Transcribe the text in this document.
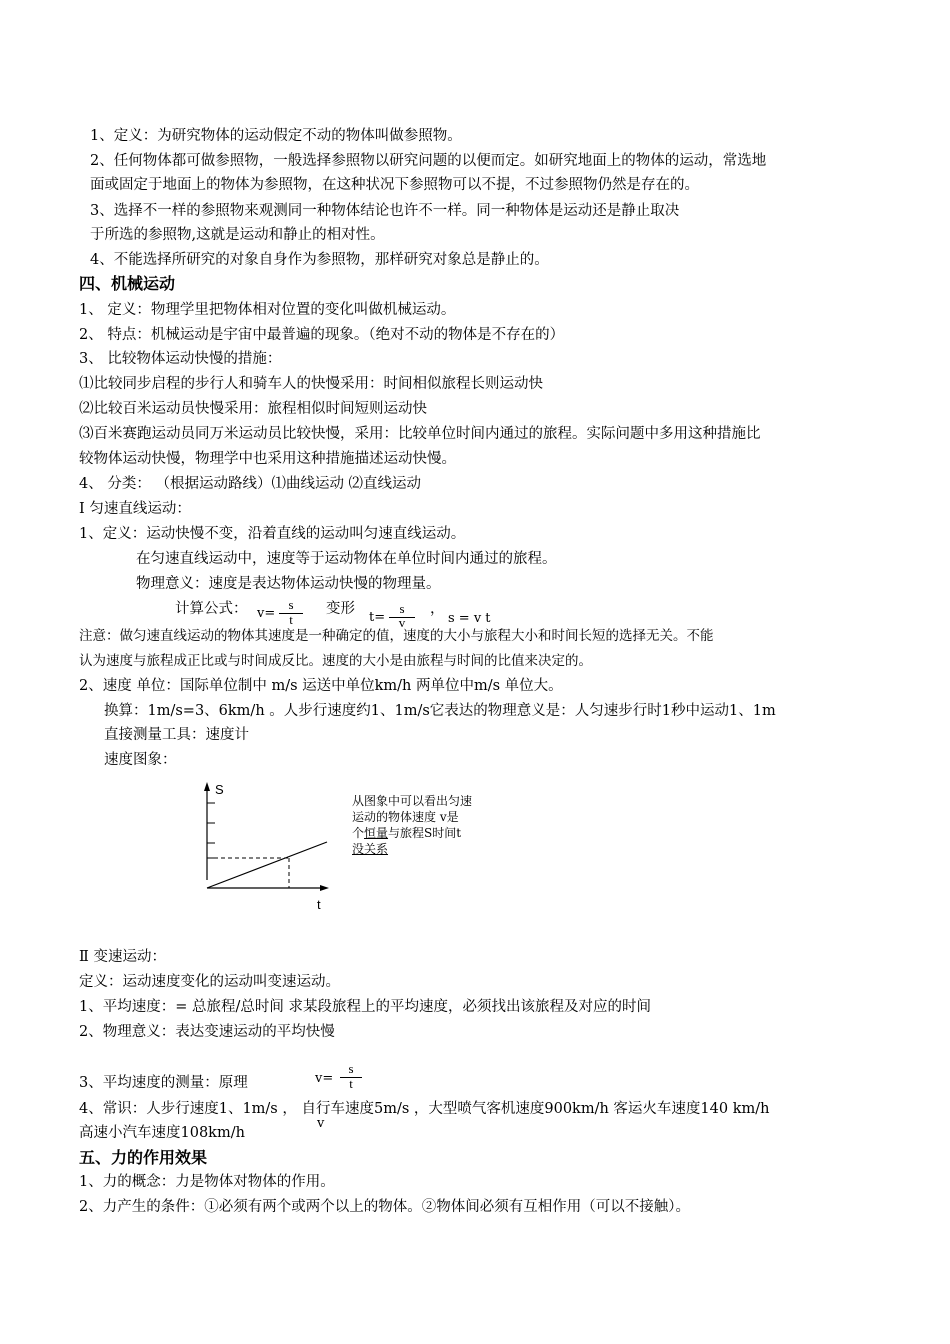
1、定义：为研究物体的运动假定不动的物体叫做参照物。
2、任何物体都可做参照物，一般选择参照物以研究问题的以便而定。如研究地面上的物体的运动，常选地
面或固定于地面上的物体为参照物，在这种状况下参照物可以不提，不过参照物仍然是存在的。
3、选择不一样的参照物来观测同一种物体结论也许不一样。同一种物体是运动还是静止取决
于所选的参照物,这就是运动和静止的相对性。
4、不能选择所研究的对象自身作为参照物，那样研究对象总是静止的。
四、机械运动
1、 定义：物理学里把物体相对位置的变化叫做机械运动。
2、 特点：机械运动是宇宙中最普遍的现象。（绝对不动的物体是不存在的）
3、 比较物体运动快慢的措施：
⑴比较同步启程的步行人和骑车人的快慢采用：时间相似旅程长则运动快
⑵比较百米运动员快慢采用：旅程相似时间短则运动快
⑶百米赛跑运动员同万米运动员比较快慢，采用：比较单位时间内通过的旅程。实际问题中多用这种措施比
较物体运动快慢，物理学中也采用这种措施描述运动快慢。
4、 分类： （根据运动路线）⑴曲线运动 ⑵直线运动
Ⅰ 匀速直线运动：
1、定义：运动快慢不变，沿着直线的运动叫匀速直线运动。
在匀速直线运动中，速度等于运动物体在单位时间内通过的旅程。
物理意义：速度是表达物体运动快慢的物理量。
计算公式： v=
s
t
变形
t=
s
v
，
s = v t
注意：做匀速直线运动的物体其速度是一种确定的值，速度的大小与旅程大小和时间长短的选择无关。不能
认为速度与旅程成正比或与时间成反比。速度的大小是由旅程与时间的比值来决定的。
2、速度 单位：国际单位制中 m/s 运送中单位km/h 两单位中m/s 单位大。
换算：1m/s=3、6km/h 。人步行速度约1、1m/s它表达的物理意义是：人匀速步行时1秒中运动1、1m
直接测量工具：速度计
速度图象：
S
t
从图象中可以看出匀速
运动的物体速度 v是
个恒量与旅程S时间t
没关系
Ⅱ 变速运动：
定义：运动速度变化的运动叫变速运动。
1、平均速度：= 总旅程/总时间 求某段旅程上的平均速度，必须找出该旅程及对应的时间
2、物理意义：表达变速运动的平均快慢
3、平均速度的测量：原理	v=
s
t
4、常识：人步行速度1、1m/s ， 自行车速度5m/s ，大型喷气客机速度900km/h 客运火车速度140 km/h
v
高速小汽车速度108km/h
五、力的作用效果
1、力的概念：力是物体对物体的作用。
2、力产生的条件：①必须有两个或两个以上的物体。②物体间必须有互相作用（可以不接触）。
